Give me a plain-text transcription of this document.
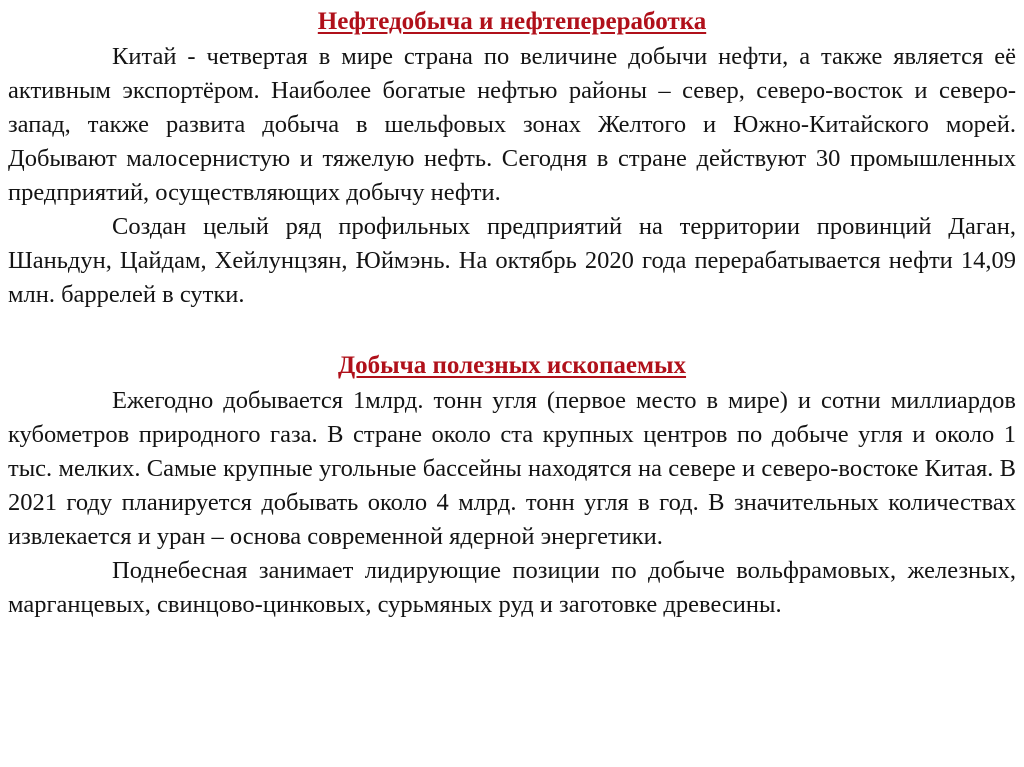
Нефтедобыча и нефтепереработка

Китай - четвертая в мире страна по величине добычи нефти, а также является её активным экспортёром. Наиболее богатые нефтью районы – север, северо-восток и северо-запад, также развита добыча в шельфовых зонах Желтого и Южно-Китайского морей. Добывают малосернистую и тяжелую нефть. Сегодня в стране действуют 30 промышленных предприятий, осуществляющих добычу нефти.

Создан целый ряд профильных предприятий на территории провинций Даган, Шаньдун, Цайдам, Хейлунцзян, Юймэнь. На октябрь 2020 года перерабатывается нефти 14,09 млн. баррелей в сутки.

Добыча полезных ископаемых

Ежегодно добывается 1млрд. тонн угля (первое место в мире) и сотни миллиардов кубометров природного газа. В стране около ста крупных центров по добыче угля и около 1 тыс. мелких. Самые крупные угольные бассейны находятся на севере и северо-востоке Китая. В 2021 году планируется добывать около 4 млрд. тонн угля в год. В значительных количествах извлекается и уран – основа современной ядерной энергетики.

Поднебесная занимает лидирующие позиции по добыче вольфрамовых, железных, марганцевых, свинцово-цинковых, сурьмяных руд и заготовке древесины.
